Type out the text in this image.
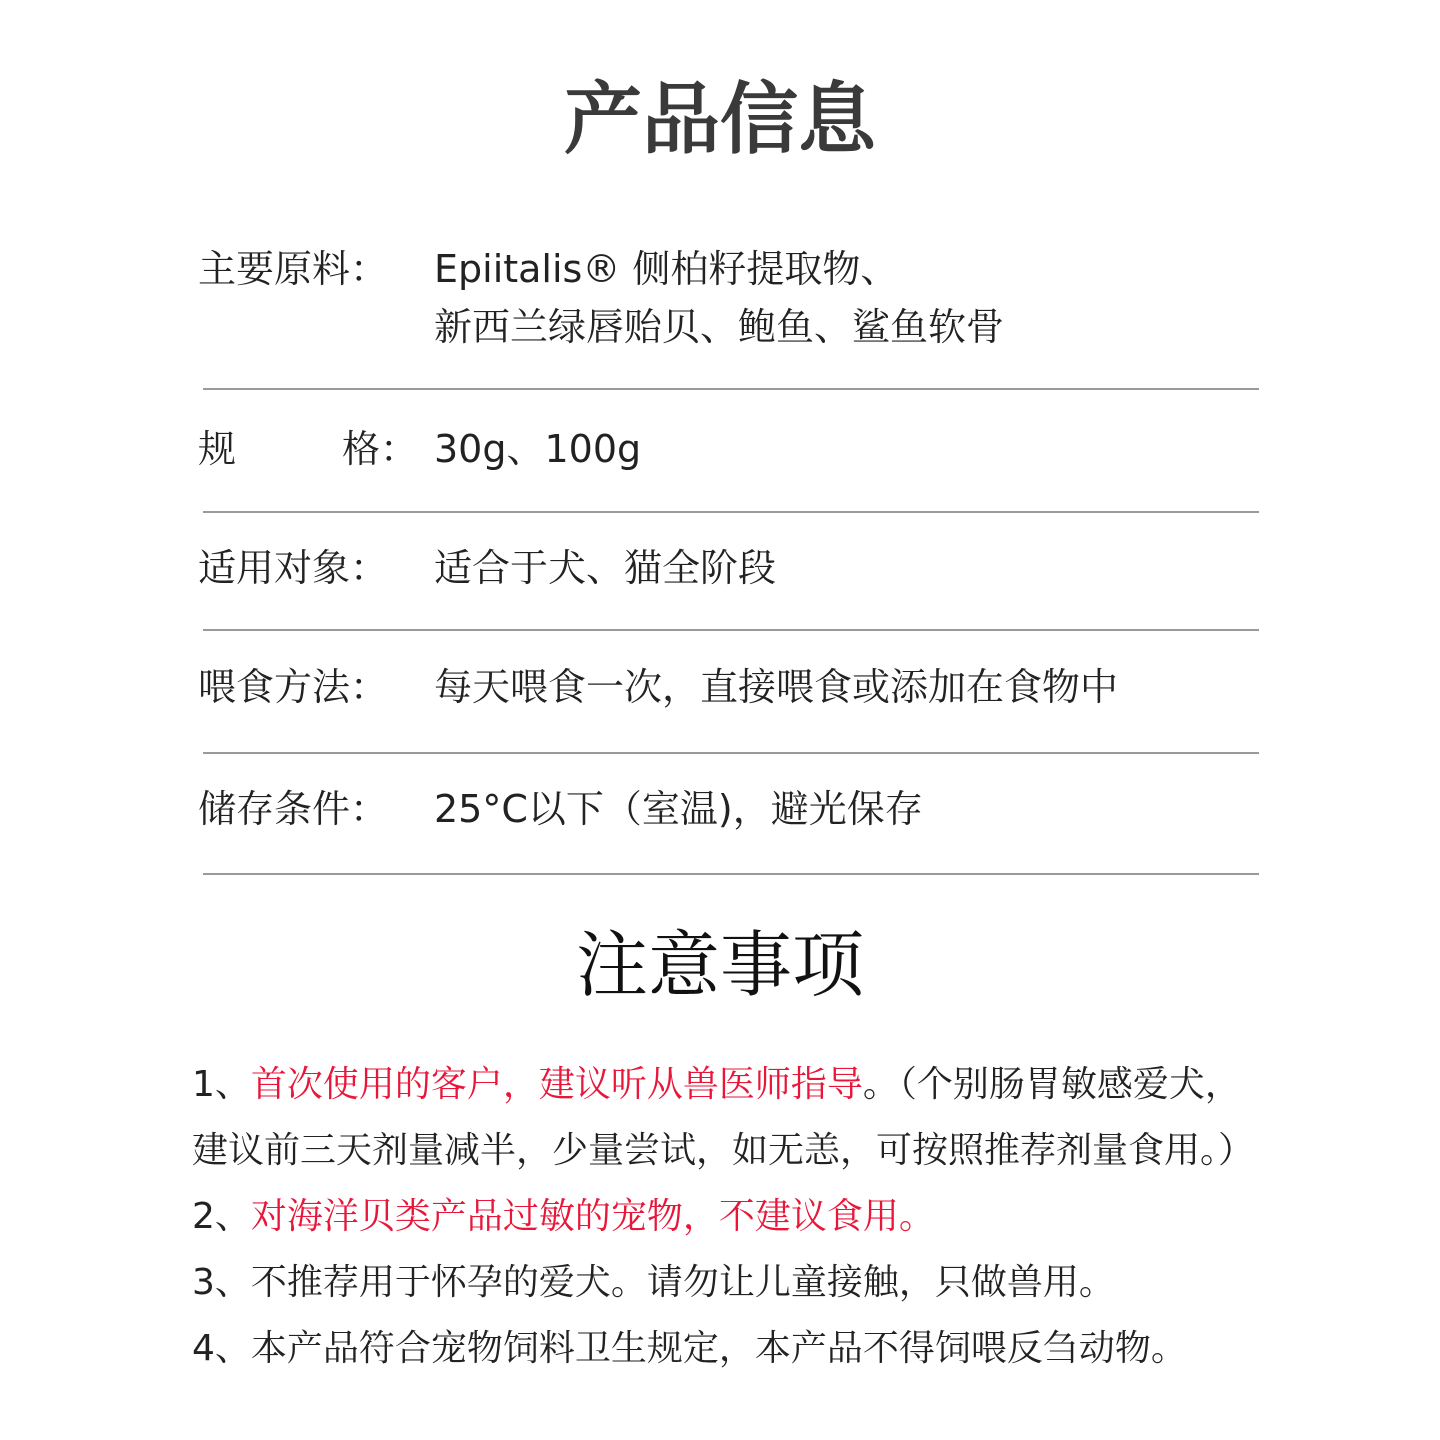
产品信息
主要原料：	Epiitalis® 侧柏籽提取物、
新西兰绿唇贻贝、鲍鱼、鲨鱼软骨
规	格： 30g、100g
适用对象：	适合于犬、猫全阶段
喂食方法：	每天喂食一次，直接喂食或添加在食物中
储存条件：	25°C以下（室温)，避光保存
注意事项
1、首次使用的客户，建议听从兽医师指导。（个别肠胃敏感爱犬，
建议前三天剂量减半，少量尝试，如无恙，可按照推荐剂量食用。）
2、对海洋贝类产品过敏的宠物，不建议食用。
3、不推荐用于怀孕的爱犬。请勿让儿童接触，只做兽用。
4、本产品符合宠物饲料卫生规定，本产品不得饲喂反刍动物。
